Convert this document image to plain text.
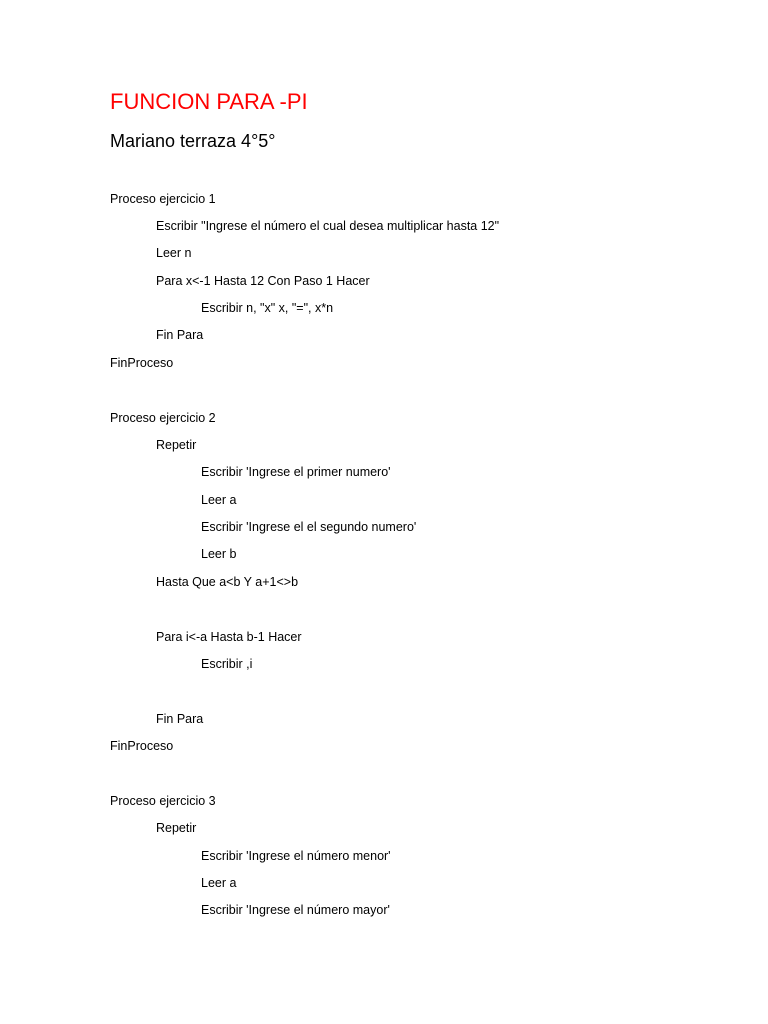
FUNCION PARA -PI
Mariano terraza 4°5°
Proceso ejercicio 1
Escribir "Ingrese el número el cual desea multiplicar hasta 12"
Leer n
Para x<-1 Hasta 12 Con Paso 1 Hacer
Escribir n, "x" x, "=", x*n
Fin Para
FinProceso
Proceso ejercicio 2
Repetir
Escribir 'Ingrese el primer numero'
Leer a
Escribir 'Ingrese el el segundo numero'
Leer b
Hasta Que a<b Y a+1<>b
Para i<-a Hasta b-1 Hacer
Escribir ,i
Fin Para
FinProceso
Proceso ejercicio 3
Repetir
Escribir 'Ingrese el número menor'
Leer a
Escribir 'Ingrese el número mayor'
